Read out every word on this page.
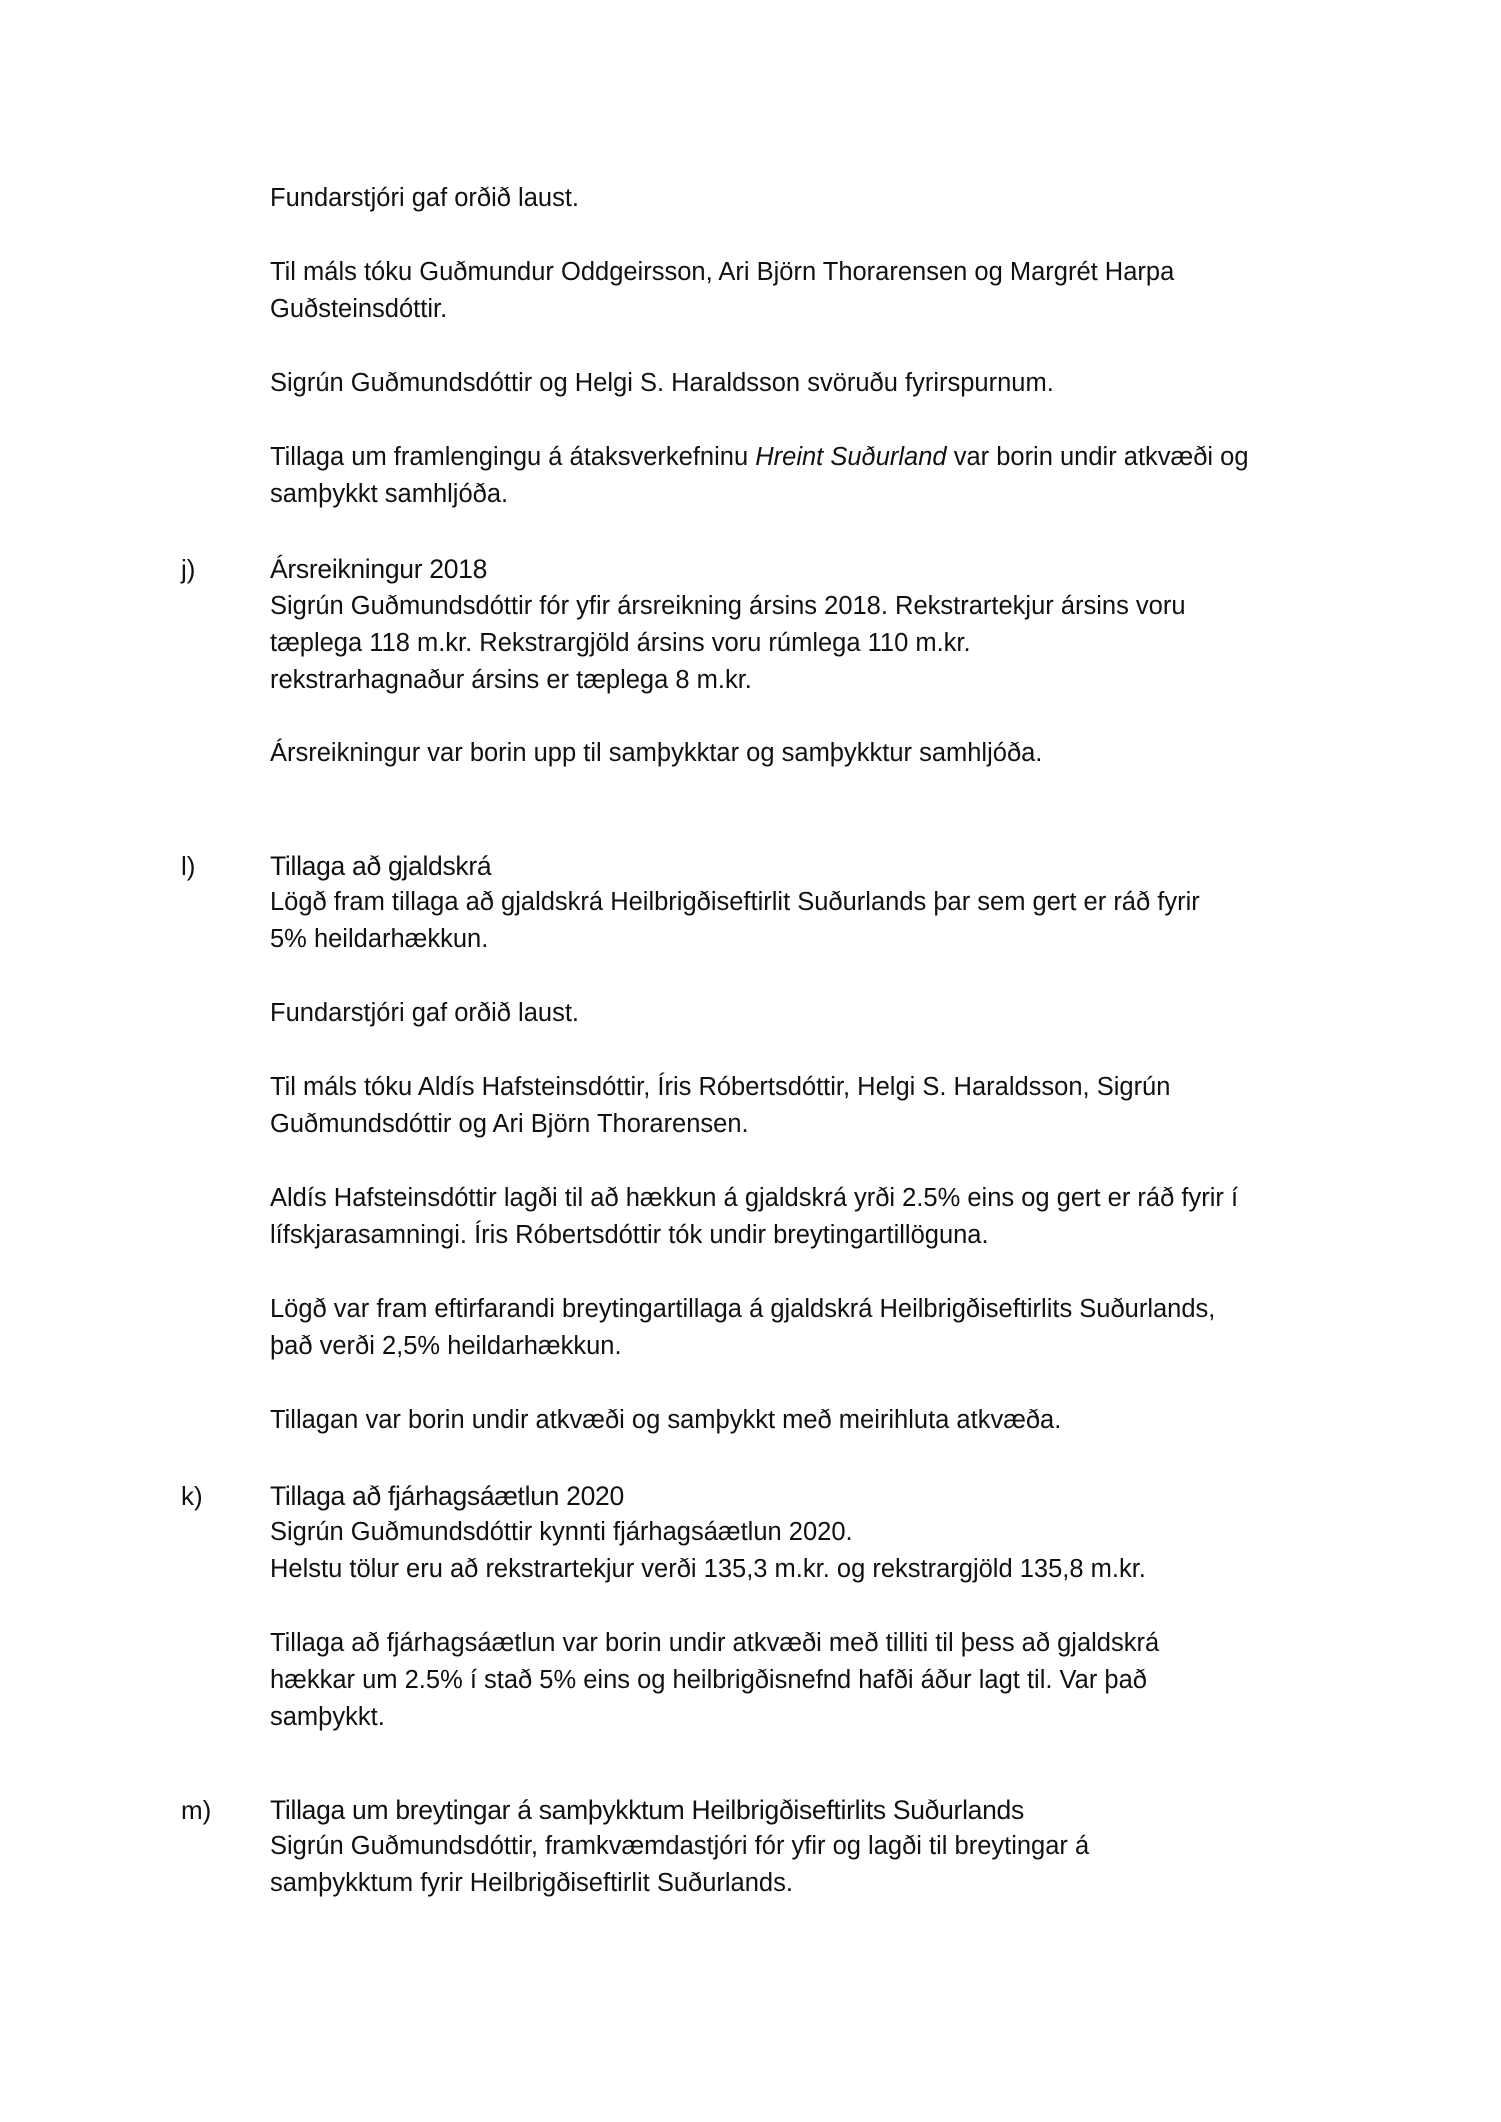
Fundarstjóri gaf orðið laust.

Til máls tóku Guðmundur Oddgeirsson, Ari Björn Thorarensen og Margrét Harpa
Guðsteinsdóttir.

Sigrún Guðmundsdóttir og Helgi S. Haraldsson svöruðu fyrirspurnum.

Tillaga um framlengingu á átaksverkefninu Hreint Suðurland var borin undir atkvæði og
samþykkt samhljóða.

j)	Ársreikningur 2018

Sigrún Guðmundsdóttir fór yfir ársreikning ársins 2018. Rekstrartekjur ársins voru
tæplega 118 m.kr. Rekstrargjöld ársins voru rúmlega 110 m.kr.
rekstrarhagnaður ársins er tæplega 8 m.kr.

Ársreikningur var borin upp til samþykktar og samþykktur samhljóða.

l)	Tillaga að gjaldskrá

Lögð fram tillaga að gjaldskrá Heilbrigðiseftirlit Suðurlands þar sem gert er ráð fyrir
5% heildarhækkun.

Fundarstjóri gaf orðið laust.

Til máls tóku Aldís Hafsteinsdóttir, Íris Róbertsdóttir, Helgi S. Haraldsson, Sigrún
Guðmundsdóttir og Ari Björn Thorarensen.

Aldís Hafsteinsdóttir lagði til að hækkun á gjaldskrá yrði 2.5% eins og gert er ráð fyrir í
lífskjarasamningi. Íris Róbertsdóttir tók undir breytingartillöguna.

Lögð var fram eftirfarandi breytingartillaga á gjaldskrá Heilbrigðiseftirlits Suðurlands,
það verði 2,5% heildarhækkun.

Tillagan var borin undir atkvæði og samþykkt með meirihluta atkvæða.

k)	Tillaga að fjárhagsáætlun 2020

Sigrún Guðmundsdóttir kynnti fjárhagsáætlun 2020.
Helstu tölur eru að rekstrartekjur verði 135,3 m.kr. og rekstrargjöld 135,8 m.kr.

Tillaga að fjárhagsáætlun var borin undir atkvæði með tilliti til þess að gjaldskrá
hækkar um 2.5% í stað 5% eins og heilbrigðisnefnd hafði áður lagt til. Var það
samþykkt.

m) Tillaga um breytingar á samþykktum Heilbrigðiseftirlits Suðurlands

Sigrún Guðmundsdóttir, framkvæmdastjóri fór yfir og lagði til breytingar á
samþykktum fyrir Heilbrigðiseftirlit Suðurlands.
